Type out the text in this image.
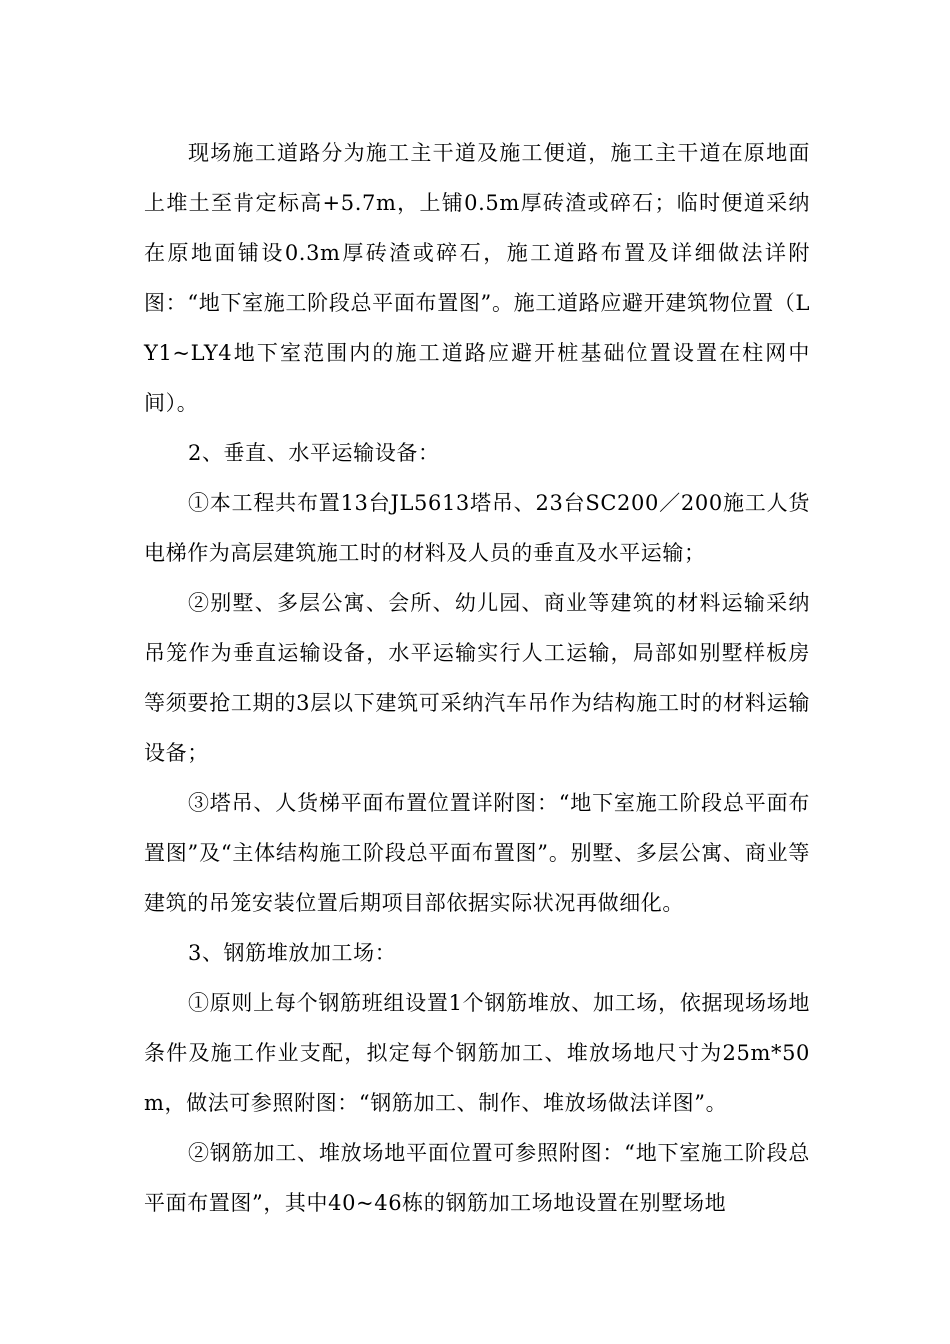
现场施工道路分为施工主干道及施工便道，施工主干道在原地面上堆土至肯定标高+5.7m，上铺0.5m厚砖渣或碎石；临时便道采纳在原地面铺设0.3m厚砖渣或碎石，施工道路布置及详细做法详附图：“地下室施工阶段总平面布置图”。施工道路应避开建筑物位置（LY1~LY4地下室范围内的施工道路应避开桩基础位置设置在柱网中间）。

2、垂直、水平运输设备：

①本工程共布置13台JL5613塔吊、23台SC200／200施工人货电梯作为高层建筑施工时的材料及人员的垂直及水平运输；

②别墅、多层公寓、会所、幼儿园、商业等建筑的材料运输采纳吊笼作为垂直运输设备，水平运输实行人工运输，局部如别墅样板房等须要抢工期的3层以下建筑可采纳汽车吊作为结构施工时的材料运输设备；

③塔吊、人货梯平面布置位置详附图：“地下室施工阶段总平面布置图”及“主体结构施工阶段总平面布置图”。别墅、多层公寓、商业等建筑的吊笼安装位置后期项目部依据实际状况再做细化。

3、钢筋堆放加工场：

①原则上每个钢筋班组设置1个钢筋堆放、加工场，依据现场场地条件及施工作业支配，拟定每个钢筋加工、堆放场地尺寸为25m*50m，做法可参照附图：“钢筋加工、制作、堆放场做法详图”。

②钢筋加工、堆放场地平面位置可参照附图：“地下室施工阶段总平面布置图”，其中40~46栋的钢筋加工场地设置在别墅场地
